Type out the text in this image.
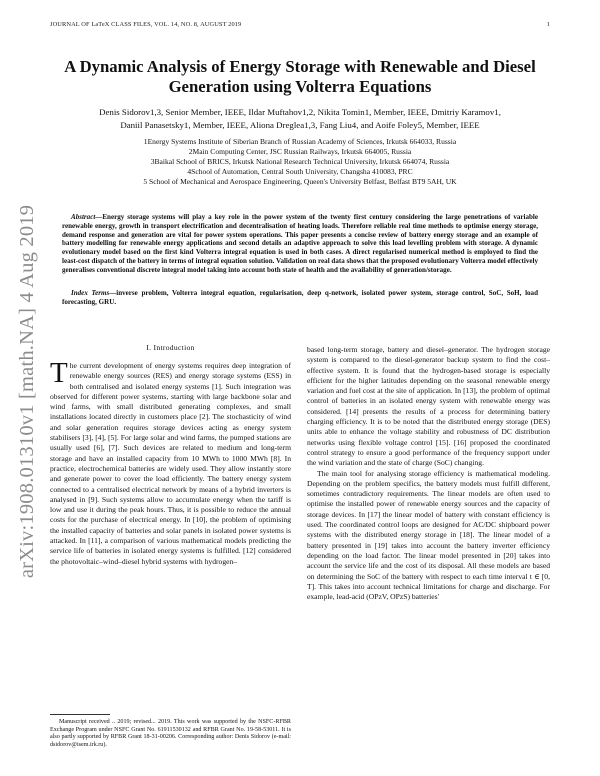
JOURNAL OF LaTeX CLASS FILES, VOL. 14, NO. 8, AUGUST 2019	1
arXiv:1908.01310v1 [math.NA] 4 Aug 2019
A Dynamic Analysis of Energy Storage with Renewable and Diesel Generation using Volterra Equations
Denis Sidorov1,3, Senior Member, IEEE, Ildar Muftahov1,2, Nikita Tomin1, Member, IEEE, Dmitriy Karamov1,
Daniil Panasetsky1, Member, IEEE, Aliona Dreglea1,3, Fang Liu4, and Aoife Foley5, Member, IEEE
1Energy Systems Institute of Siberian Branch of Russian Academy of Sciences, Irkutsk 664033, Russia
2Main Computing Center, JSC Russian Railways, Irkutsk 664005, Russia
3Baikal School of BRICS, Irkutsk National Research Technical University, Irkutsk 664074, Russia
4School of Automation, Central South University, Changsha 410083, PRC
5 School of Mechanical and Aerospace Engineering, Queen's University Belfast, Belfast BT9 5AH, UK

Abstract—Energy storage systems will play a key role in the power system of the twenty first century considering the large penetrations of variable renewable energy, growth in transport electrification and decentralisation of heating loads. Therefore reliable real time methods to optimise energy storage, demand response and generation are vital for power system operations. This paper presents a concise review of battery energy storage and an example of battery modelling for renewable energy applications and second details an adaptive approach to solve this load levelling problem with storage. A dynamic evolutionary model based on the first kind Volterra integral equation is used in both cases. A direct regularised numerical method is employed to find the least-cost dispatch of the battery in terms of integral equation solution. Validation on real data shows that the proposed evolutionary Volterra model effectively generalises conventional discrete integral model taking into account both state of health and the availability of generation/storage.

Index Terms—inverse problem, Volterra integral equation, regularisation, deep q-network, isolated power system, storage control, SoC, SoH, load forecasting, GRU.

I. Introduction

The current development of energy systems requires deep integration of renewable energy sources (RES) and energy storage systems (ESS) in both centralised and isolated energy systems [1]. Such integration was observed for different power systems, starting with large backbone solar and wind farms, with small distributed generating complexes, and small installations located directly in customers place [2]. The stochasticity of wind and solar generation requires storage devices acting as energy system stabilisers [3], [4], [5]. For large solar and wind farms, the pumped stations are usually used [6], [7]. Such devices are related to medium and long-term storage and have an installed capacity from 10 MWh to 1000 MWh [8]. In practice, electrochemical batteries are widely used. They allow instantly store and generate power to cover the load efficiently. The battery energy system connected to a centralised electrical network by means of a hybrid inverters is analysed in [9]. Such systems allow to accumulate energy when the tariff is low and use it during the peak hours. Thus, it is possible to reduce the annual costs for the purchase of electrical energy. In [10], the problem of optimising the installed capacity of batteries and solar panels in isolated power systems is attacked. In [11], a comparison of various mathematical models predicting the service life of batteries in isolated energy systems is fulfilled. [12] considered the photovoltaic–wind–diesel hybrid systems with hydrogen–

based long-term storage, battery and diesel–generator. The hydrogen storage system is compared to the diesel-generator backup system to find the cost–effective system. It is found that the hydrogen-based storage is especially efficient for the higher latitudes depending on the seasonal renewable energy variation and fuel cost at the site of application. In [13], the problem of optimal control of batteries in an isolated energy system with renewable energy was considered. [14] presents the results of a process for determining battery charging efficiency. It is to be noted that the distributed energy storage (DES) units able to enhance the voltage stability and robustness of DC distribution networks using flexible voltage control [15]. [16] proposed the coordinated control strategy to ensure a good performance of the frequency support under the wind variation and the state of charge (SoC) changing.

The main tool for analysing storage efficiency is mathematical modeling. Depending on the problem specifics, the battery models must fulfill different, sometimes contradictory requirements. The linear models are often used to optimise the installed power of renewable energy sources and the capacity of storage devices. In [17] the linear model of battery with constant efficiency is used. The coordinated control loops are designed for AC/DC shipboard power systems with the distributed energy storage in [18]. The linear model of a battery presented in [19] takes into account the battery inverter efficiency depending on the load factor. The linear model presented in [20] takes into account the service life and the cost of its disposal. All these models are based on determining the SoC of the battery with respect to each time interval t ∈ [0, T]. This takes into account technical limitations for charge and discharge. For example, lead-acid (OPzV, OPzS) batteries'

Manuscript received .. 2019; revised... 2019. This work was supported by the NSFC-RFBR Exchange Program under NSFC Grant No. 61911530132 and RFBR Grant No. 19-58-53011. It is also partly supported by RFBR Grant 18-31-00206. Corresponding author: Denis Sidorov (e-mail: dsidorov@isem.irk.ru).
